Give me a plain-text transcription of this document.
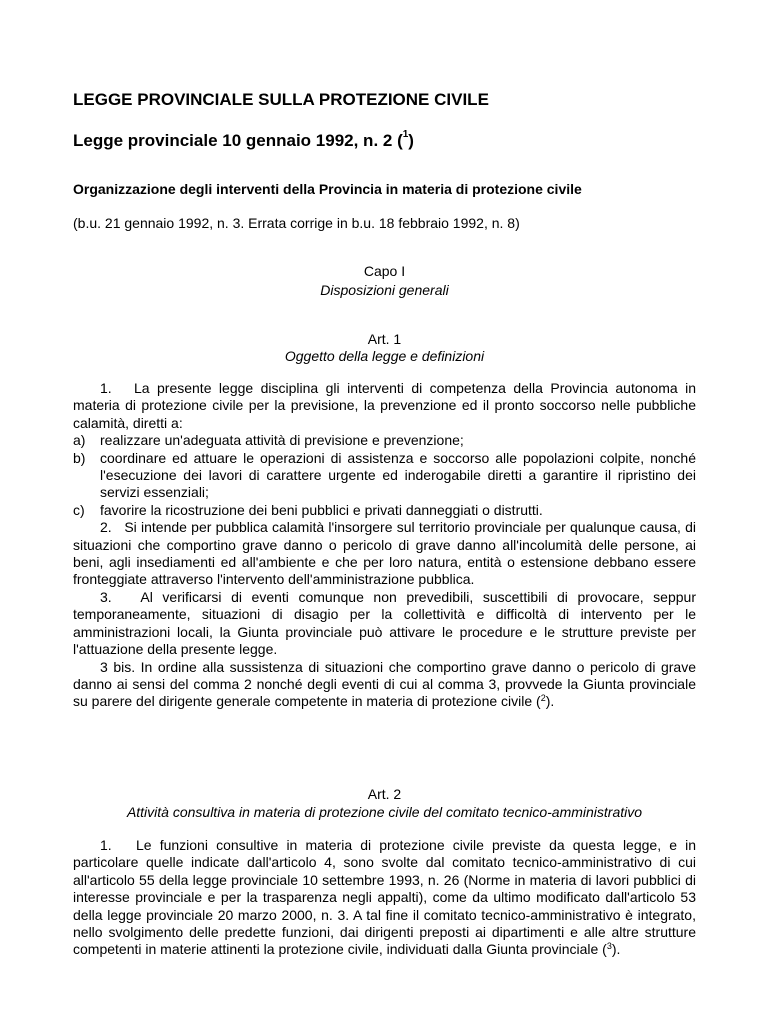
LEGGE PROVINCIALE SULLA PROTEZIONE CIVILE
Legge provinciale 10 gennaio 1992, n. 2 ($^1$)
Organizzazione degli interventi della Provincia in materia di protezione civile
(b.u. 21 gennaio 1992, n. 3. Errata corrige in b.u. 18 febbraio 1992, n. 8)
Capo I
Disposizioni generali
Art. 1
Oggetto della legge e definizioni

1.   La presente legge disciplina gli interventi di competenza della Provincia autonoma in materia di protezione civile per la previsione, la prevenzione ed il pronto soccorso nelle pubbliche calamità, diretti a:

a)	realizzare un'adeguata attività di previsione e prevenzione;
b)	coordinare ed attuare le operazioni di assistenza e soccorso alle popolazioni colpite, nonché l'esecuzione dei lavori di carattere urgente ed inderogabile diretti a garantire il ripristino dei servizi essenziali;
c)	favorire la ricostruzione dei beni pubblici e privati danneggiati o distrutti.

2.   Si intende per pubblica calamità l'insorgere sul territorio provinciale per qualunque causa, di situazioni che comportino grave danno o pericolo di grave danno all'incolumità delle persone, ai beni, agli insediamenti ed all'ambiente e che per loro natura, entità o estensione debbano essere fronteggiate attraverso l'intervento dell'amministrazione pubblica.

3.   Al verificarsi di eventi comunque non prevedibili, suscettibili di provocare, seppur temporaneamente, situazioni di disagio per la collettività e difficoltà di intervento per le amministrazioni locali, la Giunta provinciale può attivare le procedure e le strutture previste per l'attuazione della presente legge.

3 bis. In ordine alla sussistenza di situazioni che comportino grave danno o pericolo di grave danno ai sensi del comma 2 nonché degli eventi di cui al comma 3, provvede la Giunta provinciale su parere del dirigente generale competente in materia di protezione civile ($^2$).

Art. 2
Attività consultiva in materia di protezione civile del comitato tecnico-amministrativo

1.   Le funzioni consultive in materia di protezione civile previste da questa legge, e in particolare quelle indicate dall'articolo 4, sono svolte dal comitato tecnico-amministrativo di cui all'articolo 55 della legge provinciale 10 settembre 1993, n. 26 (Norme in materia di lavori pubblici di interesse provinciale e per la trasparenza negli appalti), come da ultimo modificato dall'articolo 53 della legge provinciale 20 marzo 2000, n. 3. A tal fine il comitato tecnico-amministrativo è integrato, nello svolgimento delle predette funzioni, dai dirigenti preposti ai dipartimenti e alle altre strutture competenti in materie attinenti la protezione civile, individuati dalla Giunta provinciale ($^3$).
